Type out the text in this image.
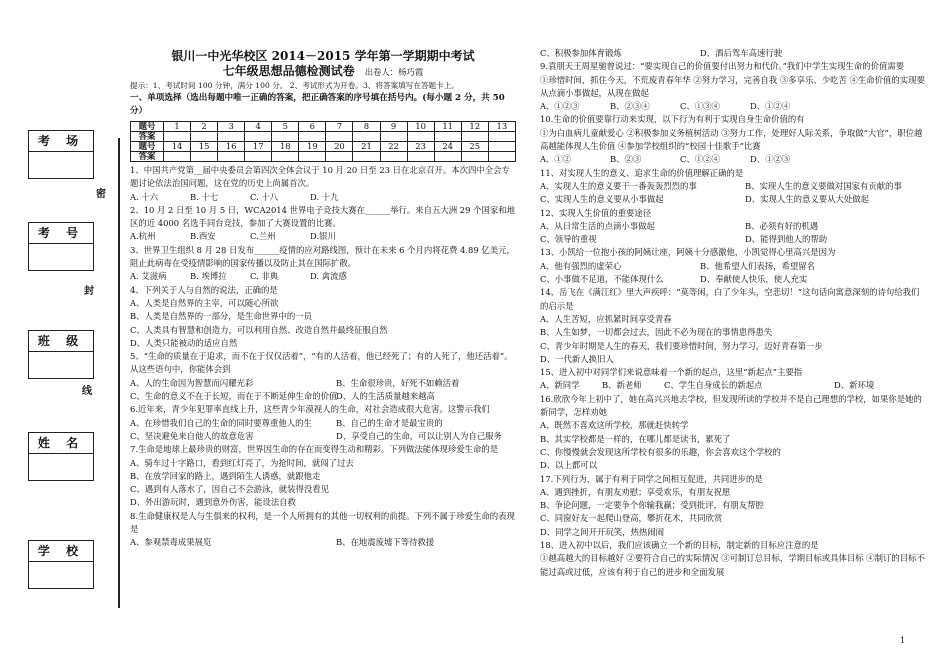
考 场
考 号
班 级
姓 名
学 校
密
封
线

银川一中光华校区 2014－2015 学年第一学期期中考试

七年级思想品德检测试卷 出卷人：杨巧霞

提示：1、考试时间 100 分钟，满分 100 分。 2、考试形式为开卷。3、将答案填写在答题卡上。

一、单项选择（选出每题中唯一正确的答案，把正确答案的序号填在括号内。(每小题 2 分，共 50 分）

题号	1	2	3	4	5	6	7	8	9	10	11	12	13
答案													
题号	14	15	16	17	18	19	20	21	22	23	24	25	
答案													

1、中国共产党第__届中央委员会第四次全体会议于 10 月 20 日至 23 日在北京召开。本次四中全会专题讨论依法治国问题，这在党的历史上尚属首次。

A. 十六	B. 十七	C. 十八	D. 十九

2、10 月 2 日至 10 月 5 日，WCA2014 世界电子竞技大赛在______举行。来自五大洲 29 个国家和地区的近 4000 名选手同台竞技，参加了大赛设置的比赛。

A.杭州	B.西安	C.兰州	D.银川

3、世界卫生组织 8 月 28 日发布______疫情的应对路线图，预计在未来 6 个月内将花费 4.89 亿美元，阻止此病毒在受疫情影响的国家传播以及防止其在国际扩散。

A. 艾滋病	B. 埃博拉	C. 非典	D. 禽流感

4、下列关于人与自然的说法，正确的是

A、人类是自然界的主宰，可以随心所欲

B、人类是自然界的一部分，是生命世界中的一员

C、人类具有智慧和创造力，可以利用自然、改造自然并最终征服自然

D、人类只能被动的适应自然

5、“生命的质量在于追求，而不在于仅仅活着”，“有的人活着，他已经死了；有的人死了，他还活着”。从这些语句中，你能体会到

A、人的生命因为智慧而闪耀光彩	B、生命很珍贵，好死不如赖活着
C、生命的意义不在于长短，而在于不断延伸生命的价值
D、人的生活质量越来越高

6.近年来，青少年犯罪率直线上升，这些青少年漠视人的生命，对社会造成很大危害。这警示我们

A、在珍惜我们自己的生命的同时要尊重他人的生	B、自己的生命才是最宝贵的
C、坚决避免来自他人的故意危害	D、享受自己的生命，可以让别人为自己服务

7.生命是地球上最珍贵的财富，世界因生命的存在而变得生动和精彩。下列做法能体现珍爱生命的是

A、骑车过十字路口，看到红灯亮了，为抢时间，就闯了过去

B、在放学回家的路上，遇到陌生人诱惑，就跟他走

C、遇到有人落水了，因自己不会游泳，就装得没看见

D、外出游玩时，遇到意外伤害，能设法自救

8.生命健康权是人与生俱来的权利，是一个人所拥有的其他一切权利的前提。下列不属于珍爱生命的表现是

A、参观禁毒成果展览	B、在地震废墟下等待救援
C、积极参加体育锻炼	D、酒后驾车高速行驶

9.袁朋天王周星驰曾说过：“要实现自己的价值要付出努力和代价。”我们中学生实现生命的价值需要

①珍惜时间，抓住今天，不荒废青春年华 ②努力学习，完善自我 ③多享乐、少吃苦 ④生命价值的实现要从点滴小事做起，从现在做起

A、①②③	B、②③④	C、①③④	D、①②④

10.生命的价值要靠行动来实现，以下行为有利于实现自身生命价值的有

①为白血病儿童献爱心 ②积极参加义务植树活动 ③努力工作，处理好人际关系，争取做“大官”，职位越高越能体现人生价值 ④参加学校组织的“校园十佳歌手”比赛

A、①②	B、②③	C、①②④	D、①②③

11、对实现人生的意义、追求生命的价值理解正确的是

A、实现人生的意义要干一番轰轰烈烈的事	B、实现人生的意义要做对国家有贡献的事
C、实现人生的意义要从小事做起	D、实现人生的意义要从大处做起

12、实现人生价值的重要途径

A、从日常生活的点滴小事做起	B、必须有好的机遇
C、领导的重视	D、能得到他人的帮助

13、小凯给一位抱小孩的阿姨让座，阿姨十分感激他，小凯觉得心里高兴是因为

A、他有强烈的虚荣心	B、他希望人们表扬，希望留名
C、小事做不足道，不能体现什么	D、奉献使人快乐，使人充实

14、岳飞在《满江红》里大声疾呼：“莫等闲，白了少年头，空悲切！”这句话向寓意深刻的诗句给我们的启示是

A、人生苦短，应抓紧时间享受青春

B、人生如梦，一切都会过去，因此不必为现在的事情患得患失

C、青少年时期是人生的春天，我们要珍惜时间，努力学习，迈好青春第一步

D、一代新人换旧人

15、进入初中对同学们来说意味着一个新的起点，这里“新起点”主要指

A、新同学	B、新老师	C、学生自身成长的新起点	D、新环境

16.欣欣今年上初中了，她在高兴兴地去学校，但发现所读的学校并不是自己理想的学校，如果你是她的新同学，怎样劝她

A、既然不喜欢这所学校，那就赶快转学

B、其实学校都是一样的，在哪儿都是读书，累死了

C、你慢慢就会发现这所学校有很多的乐趣，你会喜欢这个学校的

D、以上都可以

17.下列行为，属于有利于同学之间相互促进，共同进步的是

A、遇到挫折，有朋友劝慰；享受欢乐，有朋友祝愿

B、争论问题，一定要争个你输我赢；受到批评，有朋友帮腔

C、同窗好友一起爬山登高，攀折花木，共同欣赏

D、同学之间开开玩笑，热热闹闹

18、进入初中以后，我们应该确立一个新的目标，制定新的目标应注意的是

①越高越大的目标越好 ②要符合自己的实际情况 ③可制订总目标，学期目标或具体目标 ④制订的目标不能过高或过低，应该有利于自己的进步和全面发展

1
